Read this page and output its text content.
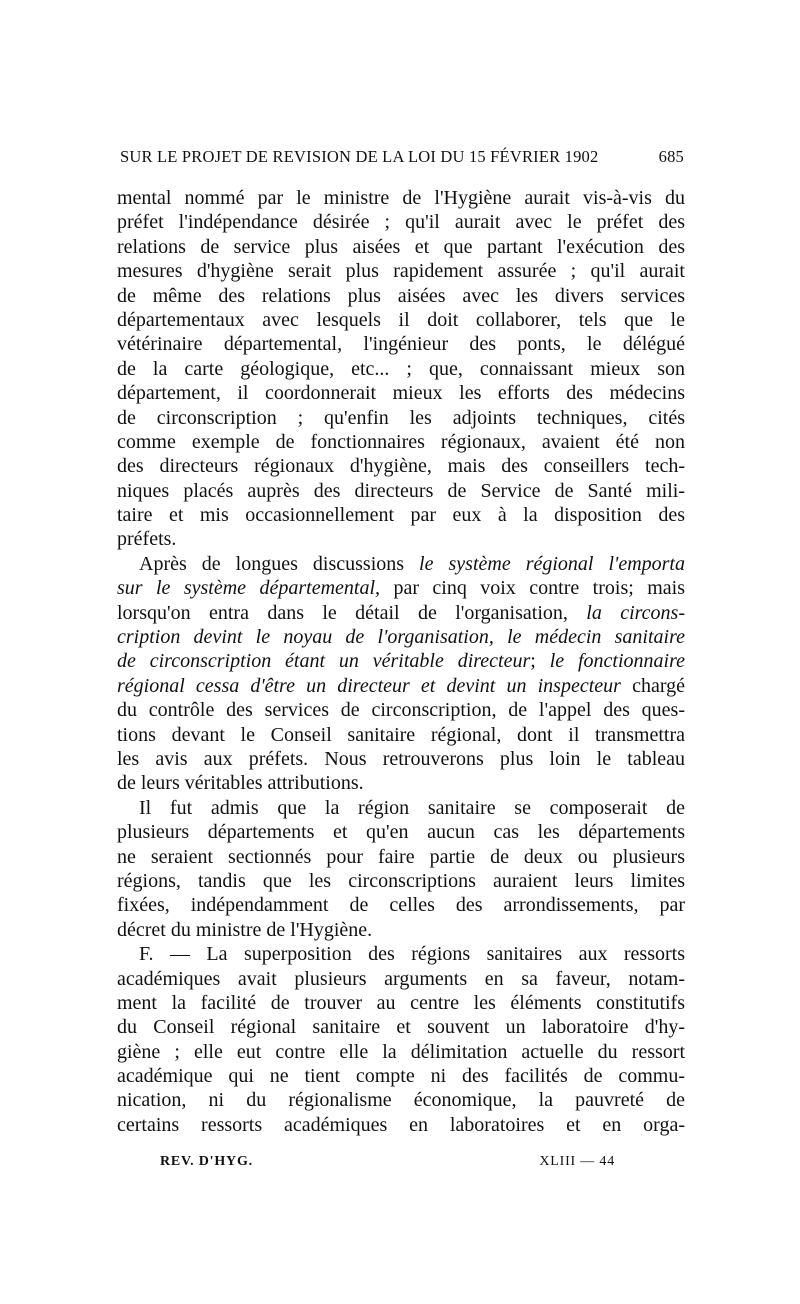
SUR LE PROJET DE REVISION DE LA LOI DU 15 FÉVRIER 1902	685
mental nommé par le ministre de l'Hygiène aurait vis-à-vis du
préfet l'indépendance désirée ; qu'il aurait avec le préfet des
relations de service plus aisées et que partant l'exécution des
mesures d'hygiène serait plus rapidement assurée ; qu'il aurait
de même des relations plus aisées avec les divers services
départementaux avec lesquels il doit collaborer, tels que le
vétérinaire départemental, l'ingénieur des ponts, le délégué
de la carte géologique, etc... ; que, connaissant mieux son
département, il coordonnerait mieux les efforts des médecins
de circonscription ; qu'enfin les adjoints techniques, cités
comme exemple de fonctionnaires régionaux, avaient été non
des directeurs régionaux d'hygiène, mais des conseillers tech-
niques placés auprès des directeurs de Service de Santé mili-
taire et mis occasionnellement par eux à la disposition des
préfets.
Après de longues discussions le système régional l'emporta
sur le système départemental, par cinq voix contre trois; mais
lorsqu'on entra dans le détail de l'organisation, la circons-
cription devint le noyau de l'organisation, le médecin sanitaire
de circonscription étant un véritable directeur; le fonctionnaire
régional cessa d'être un directeur et devint un inspecteur chargé
du contrôle des services de circonscription, de l'appel des ques-
tions devant le Conseil sanitaire régional, dont il transmettra
les avis aux préfets. Nous retrouverons plus loin le tableau
de leurs véritables attributions.
Il fut admis que la région sanitaire se composerait de
plusieurs départements et qu'en aucun cas les départements
ne seraient sectionnés pour faire partie de deux ou plusieurs
régions, tandis que les circonscriptions auraient leurs limites
fixées, indépendamment de celles des arrondissements, par
décret du ministre de l'Hygiène.
F. — La superposition des régions sanitaires aux ressorts
académiques avait plusieurs arguments en sa faveur, notam-
ment la facilité de trouver au centre les éléments constitutifs
du Conseil régional sanitaire et souvent un laboratoire d'hy-
giène ; elle eut contre elle la délimitation actuelle du ressort
académique qui ne tient compte ni des facilités de commu-
nication, ni du régionalisme économique, la pauvreté de
certains ressorts académiques en laboratoires et en orga-
REV. D'HYG.	XLIII — 44
